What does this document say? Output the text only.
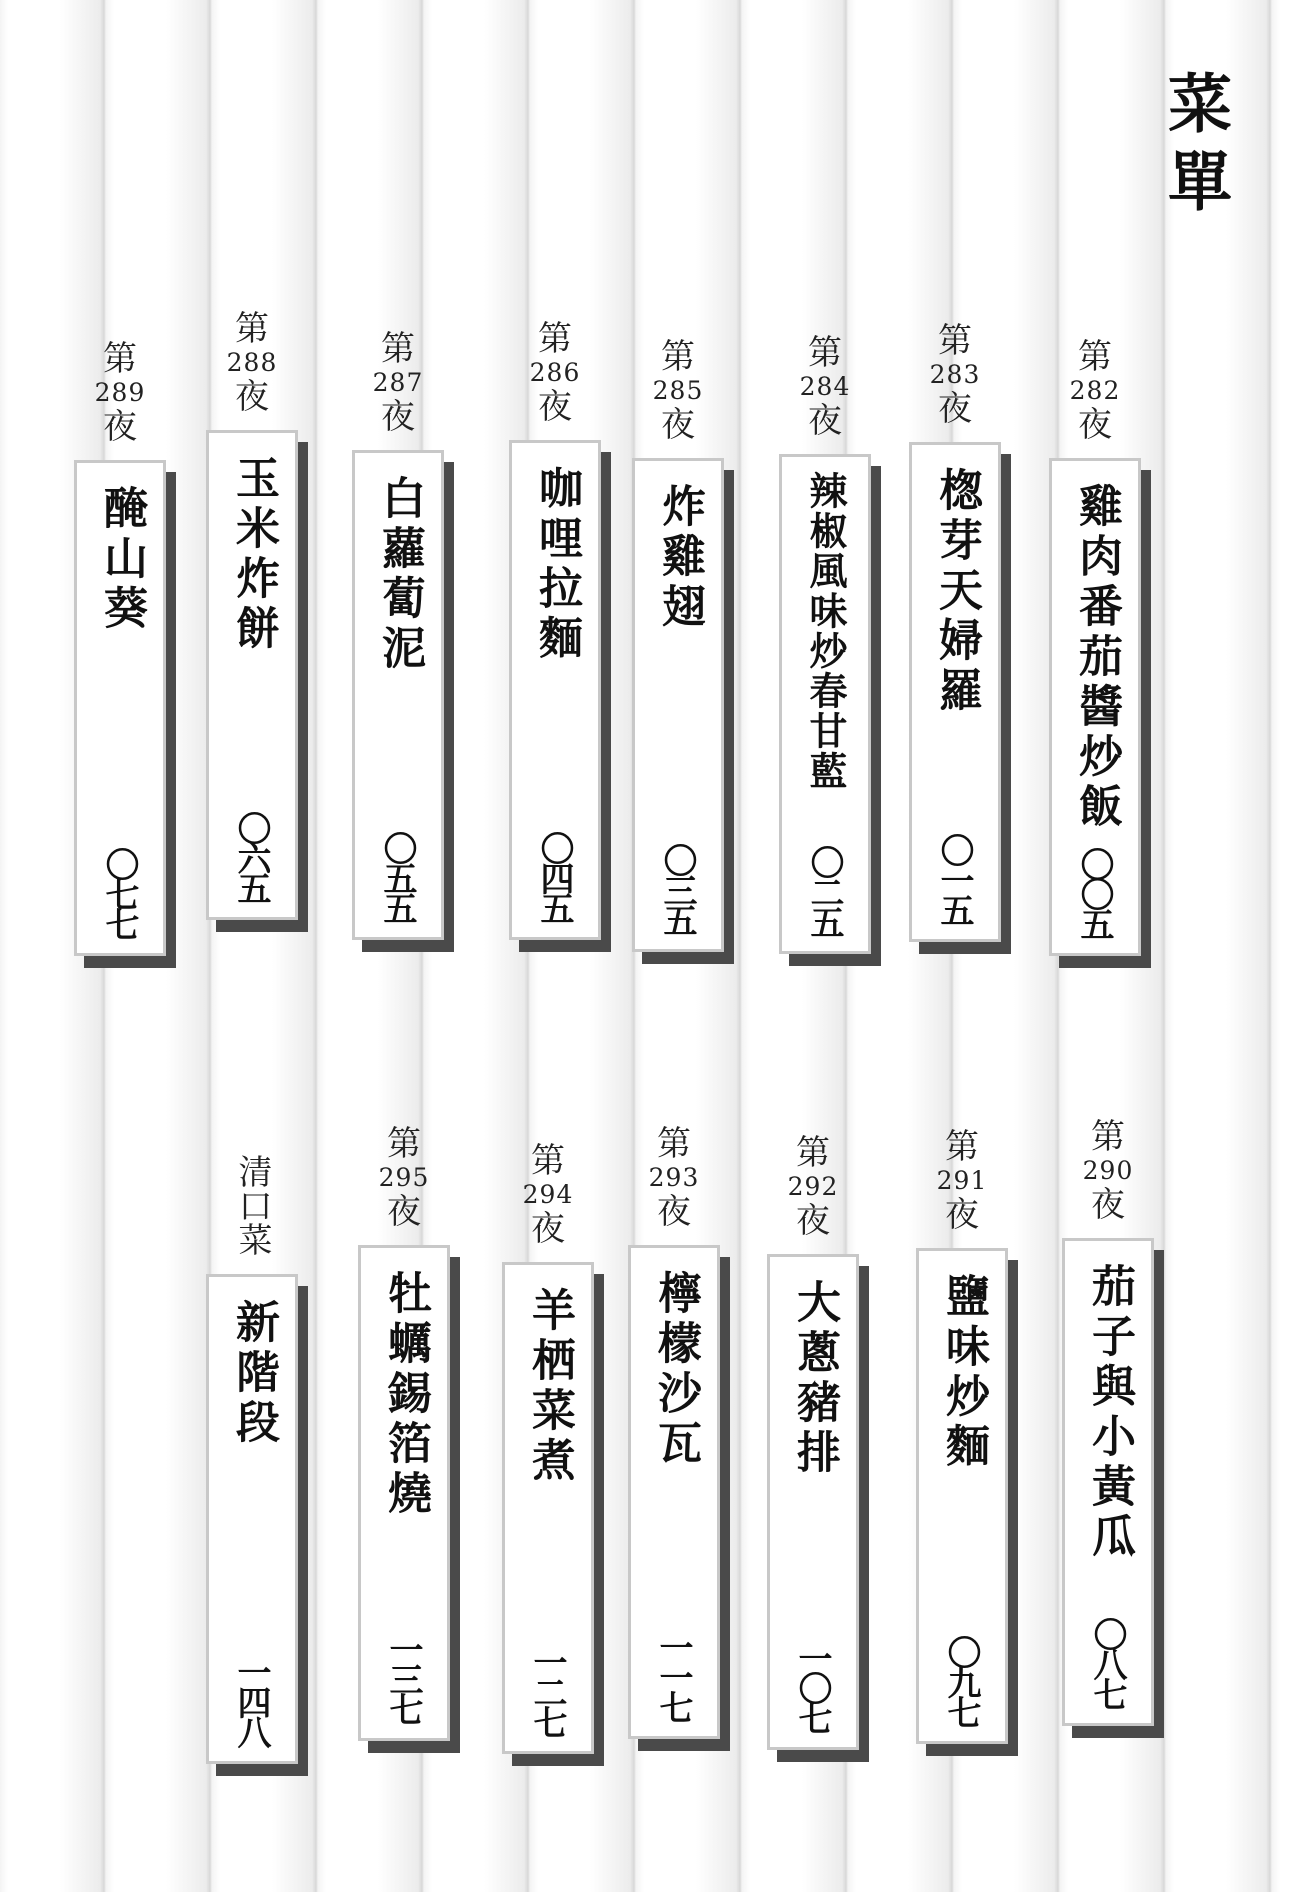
菜單
第
282
夜
雞肉番茄醬炒飯
〇〇五
第
283
夜
楤芽天婦羅
〇一五
第
284
夜
辣椒風味炒春甘藍
〇二五
第
285
夜
炸雞翅
〇三五
第
286
夜
咖哩拉麵
〇四五
第
287
夜
白蘿蔔泥
〇五五
第
288
夜
玉米炸餅
〇六五
第
289
夜
醃山葵
〇七七
第
290
夜
茄子與小黃瓜
〇八七
第
291
夜
鹽味炒麵
〇九七
第
292
夜
大蔥豬排
一〇七
第
293
夜
檸檬沙瓦
一一七
第
294
夜
羊栖菜煮
一二七
第
295
夜
牡蠣錫箔燒
一三七
清口菜
新階段
一四八
